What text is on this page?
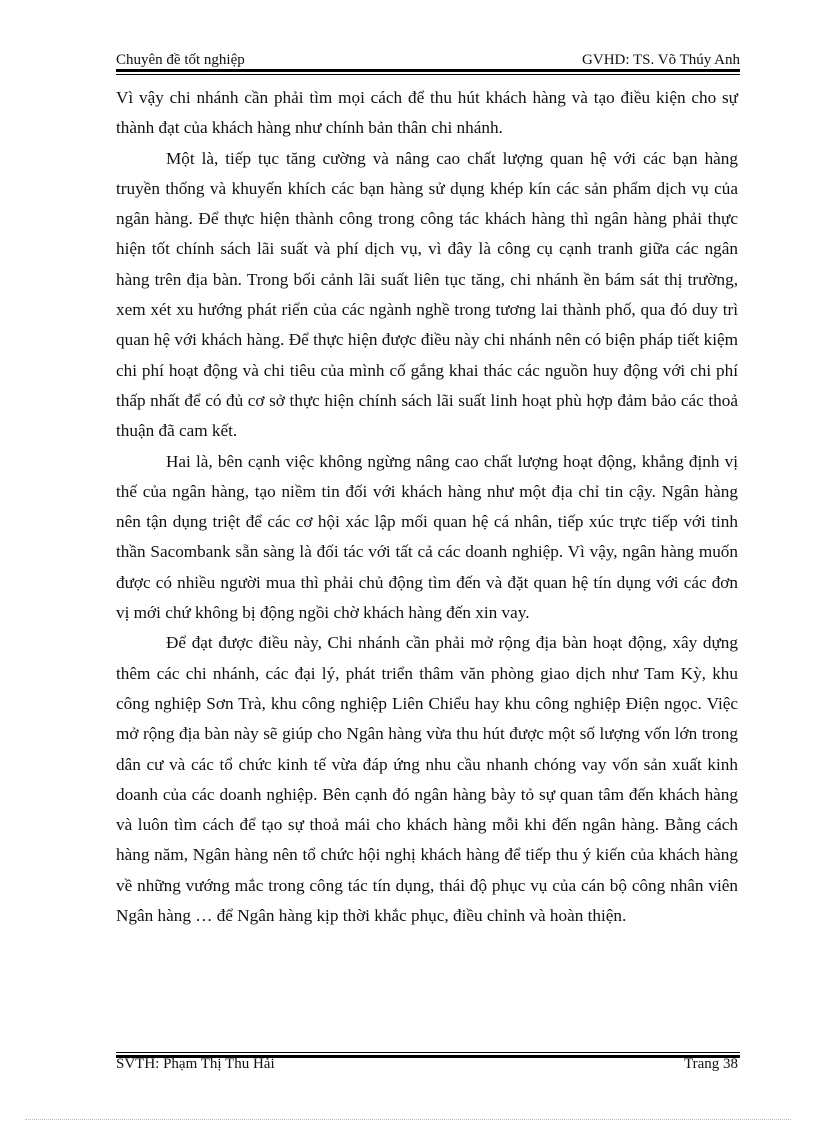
Chuyên đề tốt nghiệp	GVHD: TS. Võ Thúy Anh

Vì vậy chi nhánh cần phải tìm mọi cách để thu hút khách hàng và tạo điều kiện cho sự thành đạt của khách hàng như chính bản thân chi nhánh.

Một là, tiếp tục tăng cường và nâng cao chất lượng quan hệ với các bạn hàng truyền thống và khuyến khích các bạn hàng sử dụng khép kín các sản phẩm dịch vụ của ngân hàng. Để thực hiện thành công trong công tác khách hàng thì ngân hàng phải thực hiện tốt chính sách lãi suất và phí dịch vụ, vì đây là công cụ cạnh tranh giữa các ngân hàng trên địa bàn. Trong bối cảnh lãi suất liên tục tăng, chi nhánh ền bám sát thị trường, xem xét xu hướng phát riển của các ngành nghề trong tương lai thành phố, qua đó duy trì quan hệ với khách hàng. Để thực hiện được điều này chi nhánh nên có biện pháp tiết kiệm chi phí hoạt động và chi tiêu của mình cố gắng khai thác các nguồn huy động với chi phí thấp nhất để có đủ cơ sở thực hiện chính sách lãi suất linh hoạt phù hợp đảm bảo các thoả thuận đã cam kết.

Hai là, bên cạnh việc không ngừng nâng cao chất lượng hoạt động, khẳng định vị thế của ngân hàng, tạo niềm tin đối với khách hàng như một địa chỉ tin cậy. Ngân hàng nên tận dụng triệt để các cơ hội xác lập mối quan hệ cá nhân, tiếp xúc trực tiếp với tinh thần Sacombank sẵn sàng là đối tác với tất cả các doanh nghiệp. Vì vậy, ngân hàng muốn được có nhiều người mua thì phải chủ động tìm đến và đặt quan hệ tín dụng với các đơn vị mới chứ không bị động ngồi chờ khách hàng đến xin vay.

Để đạt được điều này, Chi nhánh cần phải mở rộng địa bàn hoạt động, xây dựng thêm các chi nhánh, các đại lý, phát triển thâm văn phòng giao dịch như Tam Kỳ, khu công nghiệp Sơn Trà, khu công nghiệp Liên Chiểu hay khu công nghiệp Điện ngọc. Việc mở rộng địa bàn này sẽ giúp cho Ngân hàng vừa thu hút được một số lượng vốn lớn trong dân cư và các tổ chức kinh tế vừa đáp ứng nhu cầu nhanh chóng vay vốn sản xuất kinh doanh của các doanh nghiệp. Bên cạnh đó ngân hàng bày tỏ sự quan tâm đến khách hàng và luôn tìm cách để tạo sự thoả mái cho khách hàng mỗi khi đến ngân hàng. Bằng cách hàng năm, Ngân hàng nên tổ chức hội nghị khách hàng để tiếp thu ý kiến của khách hàng về những vướng mắc trong công tác tín dụng, thái độ phục vụ của cán bộ công nhân viên Ngân hàng … để Ngân hàng kịp thời khắc phục, điều chỉnh và hoàn thiện.

SVTH: Phạm Thị Thu Hải	Trang 38
